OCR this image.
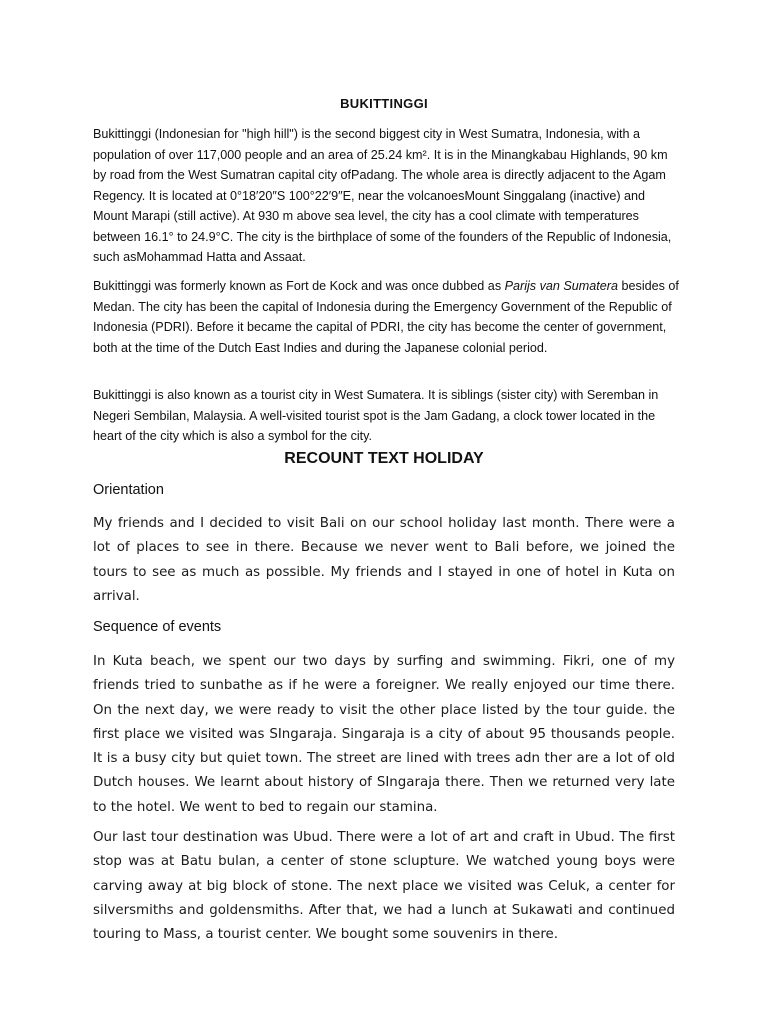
BUKITTINGGI

Bukittinggi (Indonesian for "high hill") is the second biggest city in West Sumatra, Indonesia, with a population of over 117,000 people and an area of 25.24 km². It is in the Minangkabau Highlands, 90 km by road from the West Sumatran capital city ofPadang. The whole area is directly adjacent to the Agam Regency. It is located at 0°18′20″S 100°22′9″E, near the volcanoesMount Singgalang (inactive) and Mount Marapi (still active). At 930 m above sea level, the city has a cool climate with temperatures between 16.1° to 24.9°C. The city is the birthplace of some of the founders of the Republic of Indonesia, such asMohammad Hatta and Assaat.

Bukittinggi was formerly known as Fort de Kock and was once dubbed as Parijs van Sumatera besides of Medan. The city has been the capital of Indonesia during the Emergency Government of the Republic of Indonesia (PDRI). Before it became the capital of PDRI, the city has become the center of government, both at the time of the Dutch East Indies and during the Japanese colonial period.

Bukittinggi is also known as a tourist city in West Sumatera. It is siblings (sister city) with Seremban in Negeri Sembilan, Malaysia. A well-visited tourist spot is the Jam Gadang, a clock tower located in the heart of the city which is also a symbol for the city.

RECOUNT TEXT HOLIDAY
Orientation

My friends and I decided to visit Bali on our school holiday last month. There were a lot of places to see in there. Because we never went to Bali before, we joined the tours to see as much as possible. My friends and I stayed in one of hotel in Kuta on arrival.

Sequence of events

In Kuta beach, we spent our two days by surfing and swimming. Fikri, one of my friends tried to sunbathe as if he were a foreigner. We really enjoyed our time there. On the next day, we were ready to visit the other place listed by the tour guide. the first place we visited was SIngaraja. Singaraja is a city of about 95 thousands people. It is a busy city but quiet town. The street are lined with trees adn ther are a lot of old Dutch houses. We learnt about history of SIngaraja there. Then we returned very late to the hotel. We went to bed to regain our stamina.

Our last tour destination was Ubud. There were a lot of art and craft in Ubud. The first stop was at Batu bulan, a center of stone sclupture. We watched young boys were carving away at big block of stone. The next place we visited was Celuk, a center for silversmiths and goldensmiths. After that, we had a lunch at Sukawati and continued touring to Mass, a tourist center. We bought some souvenirs in there.
